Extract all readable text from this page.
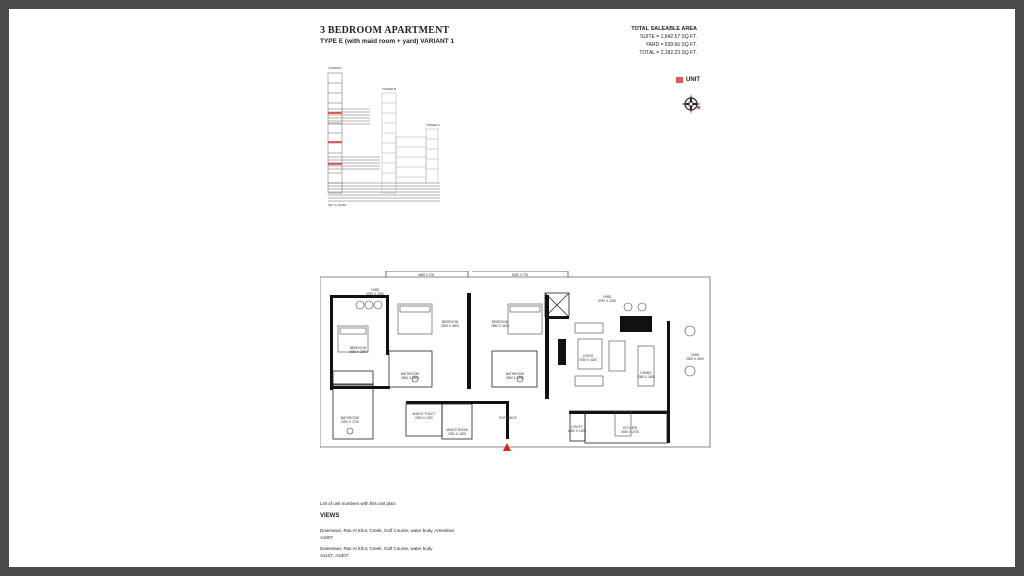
3 BEDROOM APARTMENT
TYPE E (with maid room + yard) VARIANT 1
TOTAL SALEABLE AREA
SUITE = 1,642.57 SQ.FT.
YARD = 539.66 SQ.FT.
TOTAL = 2,182.23 SQ.FT.
UNIT
TOWER A
TOWER B
TOWER C
KEY 3 LEVEL
4485 X 700	5150 X 700
YARD
3290 X 2250
BEDROOM
3450 X 3290
BEDROOM
3300 X 3600
BEDROOM
3650 X 3150
BATHROOM
2800 X 1800
BATHROOM
2800 X 1800
BATHROOM
2900 X 1700
YARD
5750 X 1630
LIVING
3750 X 4200
DINING
2350 X 3400
YARD
2300 X 9400
MAID'S TOILET
2300 X 1200
MAID'S ROOM
2300 X 1600
ENTRANCE
UTILITY
1500 X 1200
KITCHEN
3450 X 2700
List of unit numbers with this unit plan:
VIEWS
Downtown, Ras Al Khor, Creek, Golf Course, water body, Amenities
A1007
Downtown, Ras Al Khor, Creek, Golf Course, water body
A2107, A4307
